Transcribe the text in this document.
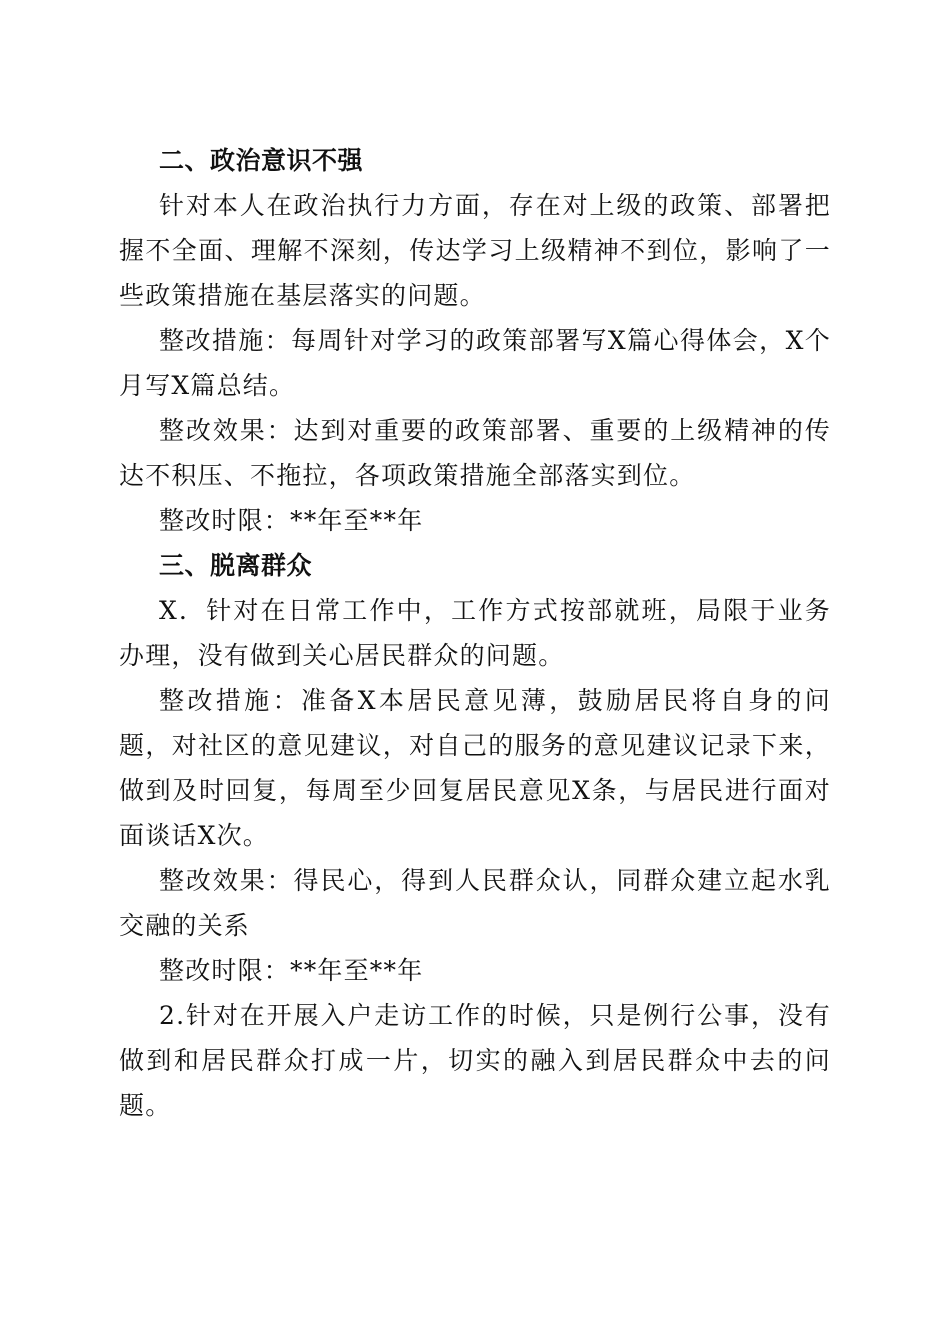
二、政治意识不强

针对本人在政治执行力方面，存在对上级的政策、部署把握不全面、理解不深刻，传达学习上级精神不到位，影响了一些政策措施在基层落实的问题。

整改措施：每周针对学习的政策部署写X篇心得体会，X个月写X篇总结。

整改效果：达到对重要的政策部署、重要的上级精神的传达不积压、不拖拉，各项政策措施全部落实到位。

整改时限：**年至**年

三、脱离群众

X．针对在日常工作中，工作方式按部就班，局限于业务办理，没有做到关心居民群众的问题。

整改措施：准备X本居民意见薄，鼓励居民将自身的问题，对社区的意见建议，对自己的服务的意见建议记录下来，做到及时回复，每周至少回复居民意见X条，与居民进行面对面谈话X次。

整改效果：得民心，得到人民群众认，同群众建立起水乳交融的关系

整改时限：**年至**年

2.针对在开展入户走访工作的时候，只是例行公事，没有做到和居民群众打成一片，切实的融入到居民群众中去的问题。
